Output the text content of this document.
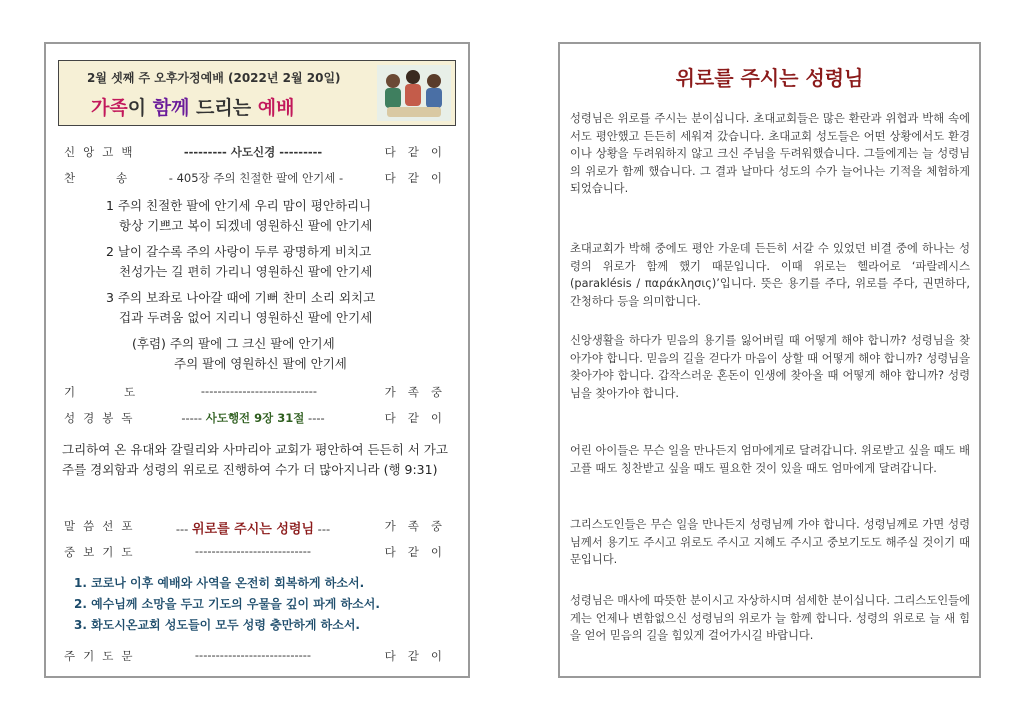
2월 셋째 주 오후가정예배 (2022년 2월 20일)
가족이 함께 드리는 예배
신앙고백	--------- 사도신경 ---------	다같이
찬	송	- 405장 주의 친절한 팔에 안기세 -	다같이
1 주의 친절한 팔에 안기세 우리 맘이 평안하리니
항상 기쁘고 복이 되겠네 영원하신 팔에 안기세
2 날이 갈수록 주의 사랑이 두루 광명하게 비치고
천성가는 길 편히 가리니 영원하신 팔에 안기세
3 주의 보좌로 나아갈 때에 기뻐 찬미 소리 외치고
겁과 두려움 없어 지리니 영원하신 팔에 안기세
(후렴) 주의 팔에 그 크신 팔에 안기세
주의 팔에 영원하신 팔에 안기세
기	도	----------------------------	가족중
성경봉독	----- 사도행전 9장 31절 ----	다같이
그리하여 온 유대와 갈릴리와 사마리아 교회가 평안하여 든든히 서 가고 주를 경외함과 성령의 위로로 진행하여 수가 더 많아지니라 (행 9:31)
말씀선포	--- 위로를 주시는 성령님 ---	가족중
중보기도	----------------------------	다같이
1. 코로나 이후 예배와 사역을 온전히 회복하게 하소서.
2. 예수님께 소망을 두고 기도의 우물을 깊이 파게 하소서.
3. 화도시온교회 성도들이 모두 성령 충만하게 하소서.
주기도문	----------------------------	다같이
위로를 주시는 성령님
성령님은 위로를 주시는 분이십니다. 초대교회들은 많은 환란과 위협과 박해 속에서도 평안했고 든든히 세워져 갔습니다. 초대교회 성도들은 어떤 상황에서도 환경이나 상황을 두려워하지 않고 크신 주님을 두려워했습니다. 그들에게는 늘 성령님의 위로가 함께 했습니다. 그 결과 날마다 성도의 수가 늘어나는 기적을 체험하게 되었습니다.
초대교회가 박해 중에도 평안 가운데 든든히 서갈 수 있었던 비결 중에 하나는 성령의 위로가 함께 했기 때문입니다. 이때 위로는 헬라어로 ‘파랄레시스(paraklésis / παράκλησις)’입니다. 뜻은 용기를 주다, 위로를 주다, 권면하다, 간청하다 등을 의미합니다.
신앙생활을 하다가 믿음의 용기를 잃어버릴 때 어떻게 해야 합니까? 성령님을 찾아가야 합니다. 믿음의 길을 걷다가 마음이 상할 때 어떻게 해야 합니까? 성령님을 찾아가야 합니다. 갑작스러운 혼돈이 인생에 찾아올 때 어떻게 해야 합니까? 성령님을 찾아가야 합니다.
어린 아이들은 무슨 일을 만나든지 엄마에게로 달려갑니다. 위로받고 싶을 때도 배고플 때도 칭찬받고 싶을 때도 필요한 것이 있을 때도 엄마에게 달려갑니다.
그리스도인들은 무슨 일을 만나든지 성령님께 가야 합니다. 성령님께로 가면 성령님께서 용기도 주시고 위로도 주시고 지혜도 주시고 중보기도도 해주실 것이기 때문입니다.
성령님은 매사에 따뜻한 분이시고 자상하시며 섬세한 분이십니다. 그리스도인들에게는 언제나 변함없으신 성령님의 위로가 늘 함께 합니다. 성령의 위로로 늘 새 힘을 얻어 믿음의 길을 힘있게 걸어가시길 바랍니다.
